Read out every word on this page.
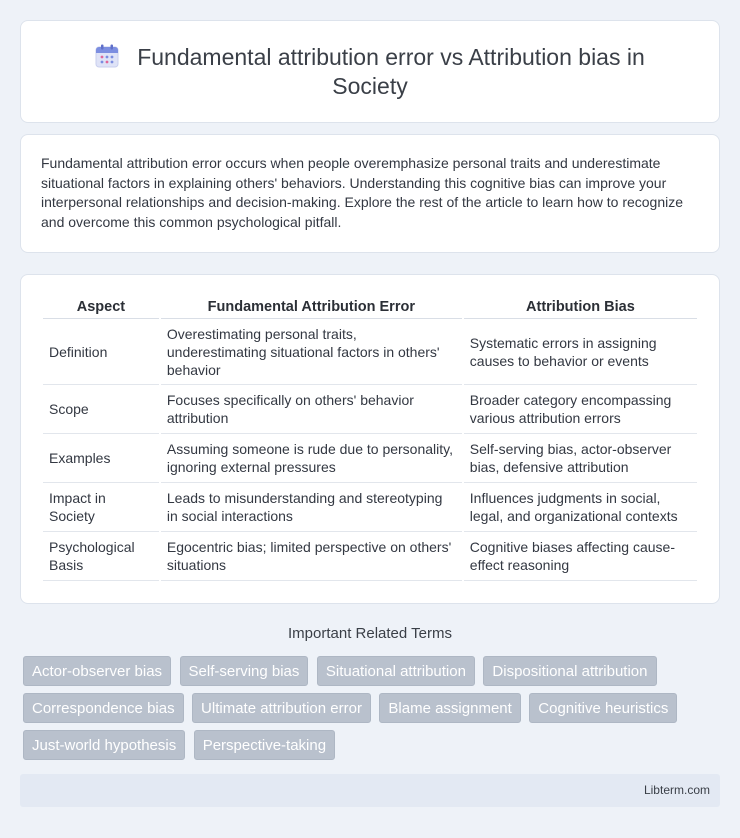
Fundamental attribution error vs Attribution bias in Society

Fundamental attribution error occurs when people overemphasize personal traits and underestimate situational factors in explaining others' behaviors. Understanding this cognitive bias can improve your interpersonal relationships and decision-making. Explore the rest of the article to learn how to recognize and overcome this common psychological pitfall.

Aspect	Fundamental Attribution Error	Attribution Bias
Definition	Overestimating personal traits, underestimating situational factors in others' behavior	Systematic errors in assigning causes to behavior or events
Scope	Focuses specifically on others' behavior attribution	Broader category encompassing various attribution errors
Examples	Assuming someone is rude due to personality, ignoring external pressures	Self-serving bias, actor-observer bias, defensive attribution
Impact in Society	Leads to misunderstanding and stereotyping in social interactions	Influences judgments in social, legal, and organizational contexts
Psychological Basis	Egocentric bias; limited perspective on others' situations	Cognitive biases affecting cause-effect reasoning
Important Related Terms
Actor-observer bias Self-serving bias Situational attribution Dispositional attribution Correspondence bias Ultimate attribution error Blame assignment Cognitive heuristics Just-world hypothesis Perspective-taking
Libterm.com
